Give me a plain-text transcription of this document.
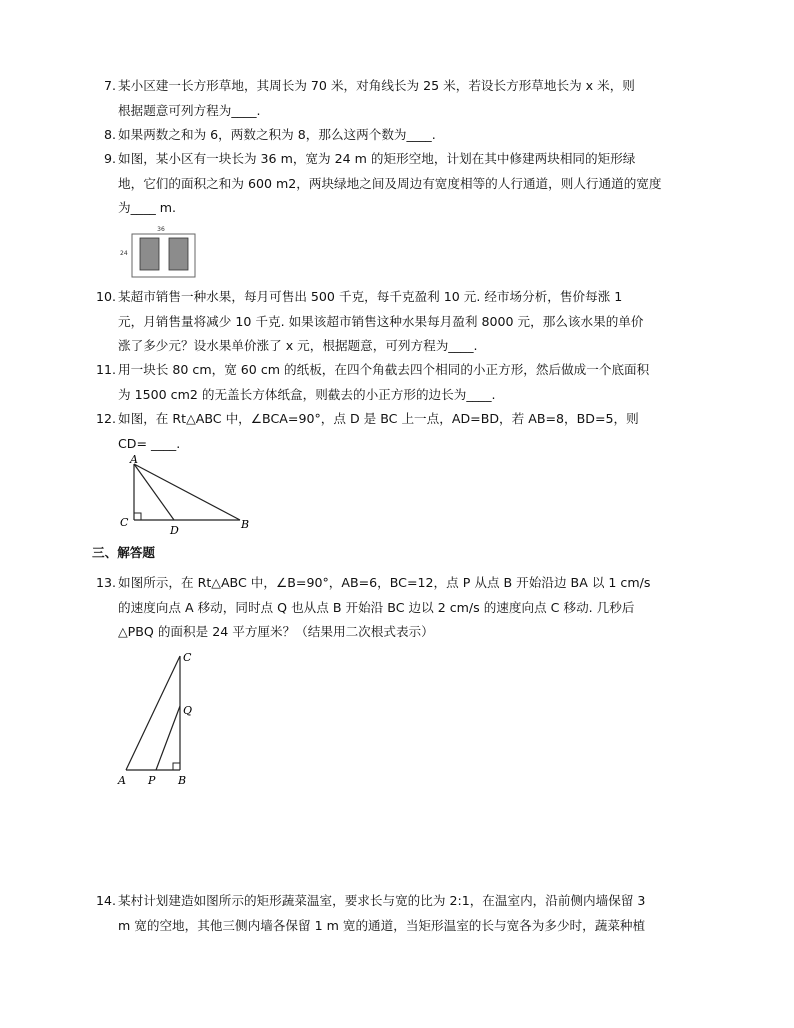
7. 某小区建一长方形草地，其周长为 70 米，对角线长为 25 米，若设长方形草地长为 x 米，则
根据题意可列方程为____.
8. 如果两数之和为 6，两数之积为 8，那么这两个数为____.
9. 如图，某小区有一块长为 36 m，宽为 24 m 的矩形空地，计划在其中修建两块相同的矩形绿
地，它们的面积之和为 600 m2，两块绿地之间及周边有宽度相等的人行通道，则人行通道的宽度
为____ m.
36
24
10. 某超市销售一种水果，每月可售出 500 千克，每千克盈利 10 元. 经市场分析，售价每涨 1
元，月销售量将减少 10 千克. 如果该超市销售这种水果每月盈利 8000 元，那么该水果的单价
涨了多少元？设水果单价涨了 x 元，根据题意，可列方程为____.
11. 用一块长 80 cm，宽 60 cm 的纸板，在四个角截去四个相同的小正方形，然后做成一个底面积
为 1500 cm2 的无盖长方体纸盒，则截去的小正方形的边长为____.
12. 如图，在 Rt△ABC 中，∠BCA=90°，点 D 是 BC 上一点，AD=BD，若 AB=8，BD=5，则
CD= ____.
A
C
D	B
三、解答题
13. 如图所示，在 Rt△ABC 中，∠B=90°，AB=6，BC=12，点 P 从点 B 开始沿边 BA 以 1 cm/s
的速度向点 A 移动，同时点 Q 也从点 B 开始沿 BC 边以 2 cm/s 的速度向点 C 移动. 几秒后
△PBQ 的面积是 24 平方厘米？（结果用二次根式表示）
C
Q
A P B
14. 某村计划建造如图所示的矩形蔬菜温室，要求长与宽的比为 2:1，在温室内，沿前侧内墙保留 3
m 宽的空地，其他三侧内墙各保留 1 m 宽的通道，当矩形温室的长与宽各为多少时，蔬菜种植
